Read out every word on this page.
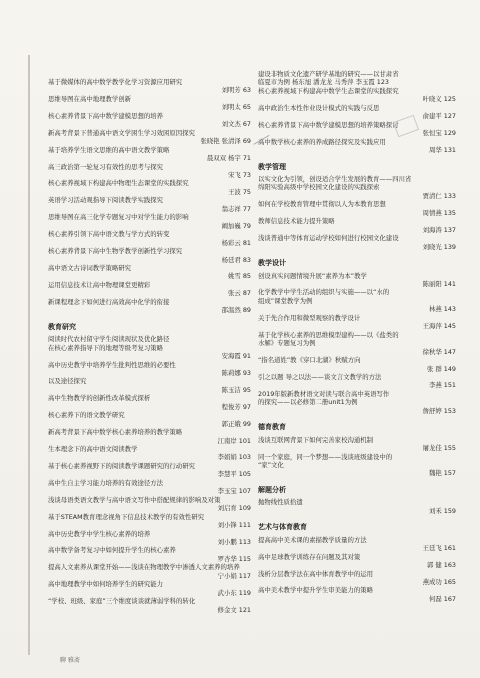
基于微媒体的高中数学教学化学习资源应用研究
刘明芳 63
思维导图在高中地理教学创新
刘明太 65
核心素养背景下高中数学建模思想的培养
刘文杰 67
新高考背景下普通高中语文学困生学习效困原因探究
张晓艳 张清泽 69
基于培养学生语文思维的高中语文教学策略
晨双双 杨宇 71
高三政治第一轮复习有效性的思考与探究
宋飞 73
核心素养视域下构建高中物理生态课堂的实践探究
王波 75
英语学习活动观指导下阅读教学实践探究
翁志祥 77
思维导图在高三化学专题复习中对学生能力的影响
阚加巍 79
核心素养引领下高中语文教与学方式的转变
杨彩云 81
核心素养背景下高中生物学教学创新性学习探究
杨廷君 83
高中语文古诗词教学策略研究
姚雪 85
运用信息技术让高中物理课堂更精彩
张云 87
新课程理念下如何进行高效高中化学的衔接
邵温然 89
教育研究
阅读时代农村留守学生阅读现状及优化路径
在核心素养指导下的地理等级考复习策略
安海霞 91
高中历史教学中培养学生批判性思维的必要性
陈莉娜 93
以及途径探究
陈玉洁 95
高中生物教学的创新性改革模式探析
程俊芳 97
核心素养下的语文教学研究
郭正娥 99
新高考背景下高中数学核心素养培养的教学策略
江南岸 101
生本理念下的高中语文阅读教学
李娟娟 103
基于核心素养视野下的阅读教学课题研究的行动研究
李慧平 105
高中生自主学习能力培养的有效途径方法
李玉宝 107
浅谈母语类语文教学与高中语文写作中搭配规律的影响及对策
刘启育 109
基于STEAM教育理念视角下信息技术教学的有效性研究
刘小锋 111
高中历史教学中学生核心素养的培养
刘小鹏 113
高中数学备考复习中如何提升学生的核心素养
罗杏华 115
提高人文素养从课堂开始——浅谈在物理教学中渗透人文素养的培养
宁小娟 117
高中地理教学中如何培养学生的研究能力
武小东 119
“学校、班级、家庭”三个维度谈谈就薄弱学科的转化
修金文 121
建设非物质文化遗产研学基地的研究——以甘肃省
临夏市为例 杨东旭 潘龙龙 马秀萍 李玉霞 123
核心素养视域下构建高中数学生态课堂的实践探究
叶晓义 125
高中政治生本性作业设计模式的实践与反思
俞建平 127
核心素养背景下高中数学建模思想的培养策略探讨
张恒宝 129
高中数学核心素养的养成路径探究及实践应用
周华 131
教学管理
以实文化为引领，创设适合学生发展的教育——四川省
绵阳实验高级中学校园文化建设的实践探索
贾清仁 133
如何在学校教育管理中贯彻以人为本教育思想
周情燕 135
教师信息技术能力提升策略
刘海涛 137
浅谈普通中等体育运动学校如何进行校园文化建设
刘晓光 139
教学设计
创设真实问题情境升展“素养为本”教学
陈丽阳 141
化学教学中学生活动的组织与实施——以“水的
组成”课堂教学为例
林燕 143
关于先合作用和微型观察的教学设计
王海萍 145
基于化学核心素养的思维模型建构——以《盐类的
水解》专题复习为例
徐秋华 147
“指名道姓”教《穿口北湖》秋赋方向
张 群 149
引之以题 导之以法——谈文言文教学的方法
李燕 151
2019年版新教材语文对读与联合高中英语写作
的探究——以必修第二册unit1为例
詹舒婷 153
德育教育
浅谈互联网背景下如何完善家校沟通机制
屠龙佳 155
同一个家庭，同一个梦想——浅谈班级建设中的
“家”文化
魏艳 157
解题分析
抛物线性质拾遗
刘禾 159
艺术与体育教育
提高高中美术课的素描教学质量的方法
王廷飞 161
高中足球教学训练存在问题及其对策
郭 健 163
浅析分层教学法在高中体育教学中的运用
燕成功 165
高中美术教学中提升学生审美能力的策略
何磊 167
聊 雅斋
